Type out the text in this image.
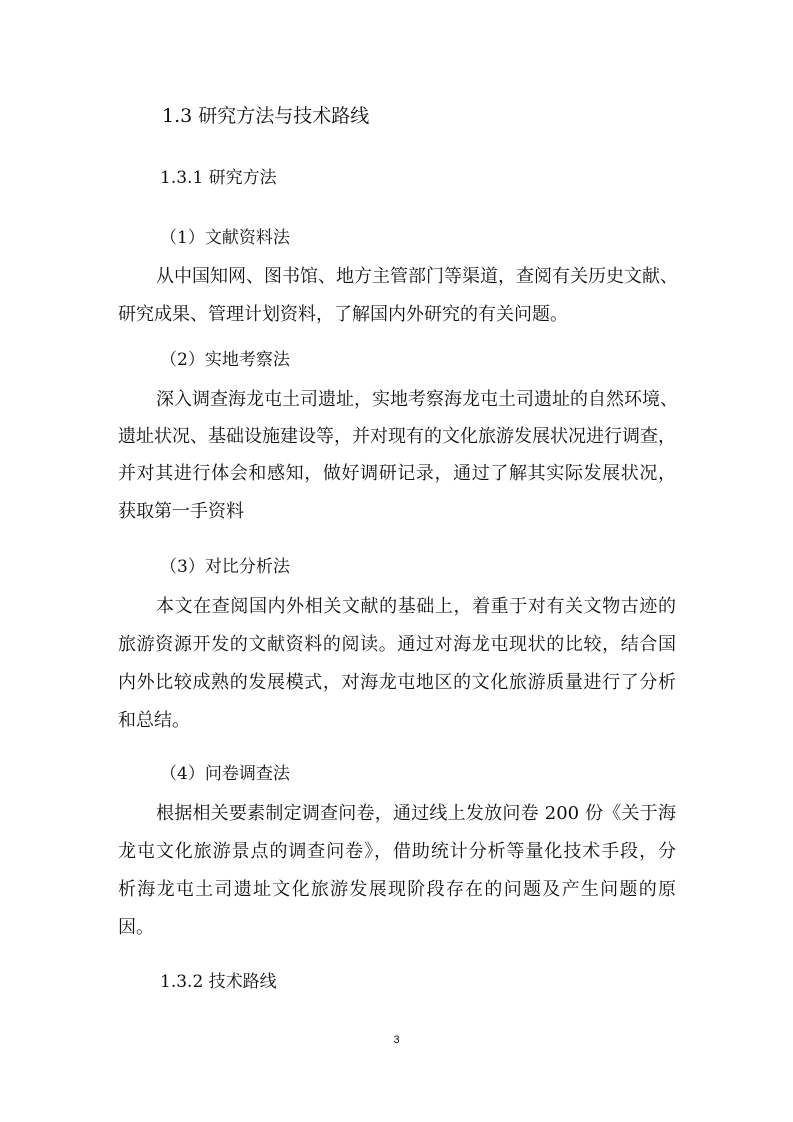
1.3 研究方法与技术路线
1.3.1 研究方法
（1）文献资料法
从中国知网、图书馆、地方主管部门等渠道，查阅有关历史文献、
研究成果、管理计划资料，了解国内外研究的有关问题。
（2）实地考察法
深入调查海龙屯土司遗址，实地考察海龙屯土司遗址的自然环境、
遗址状况、基础设施建设等，并对现有的文化旅游发展状况进行调查，
并对其进行体会和感知，做好调研记录，通过了解其实际发展状况，
获取第一手资料
（3）对比分析法
本文在查阅国内外相关文献的基础上，着重于对有关文物古迹的
旅游资源开发的文献资料的阅读。通过对海龙屯现状的比较，结合国
内外比较成熟的发展模式，对海龙屯地区的文化旅游质量进行了分析
和总结。
（4）问卷调查法
根据相关要素制定调查问卷，通过线上发放问卷 200 份《关于海
龙屯文化旅游景点的调查问卷》，借助统计分析等量化技术手段，分
析海龙屯土司遗址文化旅游发展现阶段存在的问题及产生问题的原
因。
1.3.2 技术路线
3
